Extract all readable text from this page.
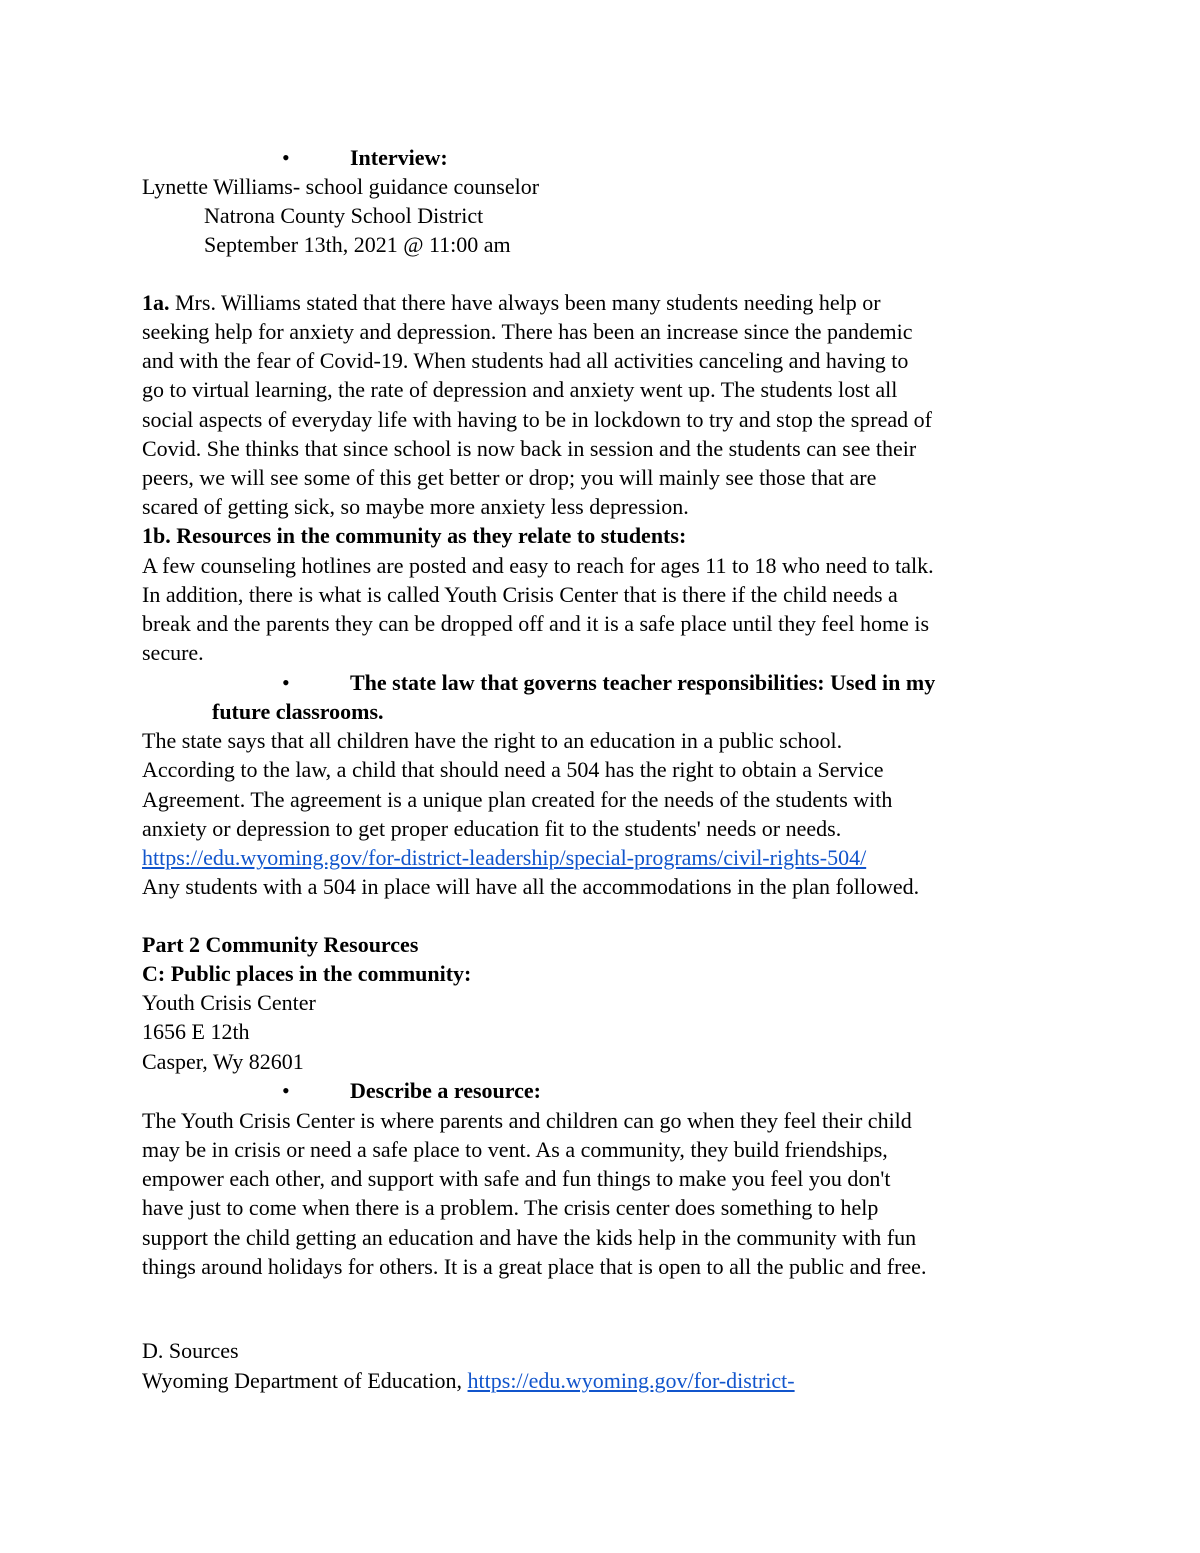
•	Interview:
Lynette Williams- school guidance counselor
Natrona County School District
September 13th, 2021 @ 11:00 am
1a. Mrs. Williams stated that there have always been many students needing help or
seeking help for anxiety and depression. There has been an increase since the pandemic
and with the fear of Covid-19. When students had all activities canceling and having to
go to virtual learning, the rate of depression and anxiety went up. The students lost all
social aspects of everyday life with having to be in lockdown to try and stop the spread of
Covid. She thinks that since school is now back in session and the students can see their
peers, we will see some of this get better or drop; you will mainly see those that are
scared of getting sick, so maybe more anxiety less depression.
1b. Resources in the community as they relate to students:
A few counseling hotlines are posted and easy to reach for ages 11 to 18 who need to talk.
In addition, there is what is called Youth Crisis Center that is there if the child needs a
break and the parents they can be dropped off and it is a safe place until they feel home is
secure.
•	The state law that governs teacher responsibilities: Used in my
future classrooms.
The state says that all children have the right to an education in a public school.
According to the law, a child that should need a 504 has the right to obtain a Service
Agreement. The agreement is a unique plan created for the needs of the students with
anxiety or depression to get proper education fit to the students' needs or needs.
https://edu.wyoming.gov/for-district-leadership/special-programs/civil-rights-504/
Any students with a 504 in place will have all the accommodations in the plan followed.
Part 2 Community Resources
C: Public places in the community:
Youth Crisis Center
1656 E 12th
Casper, Wy 82601
•	Describe a resource:
The Youth Crisis Center is where parents and children can go when they feel their child
may be in crisis or need a safe place to vent. As a community, they build friendships,
empower each other, and support with safe and fun things to make you feel you don't
have just to come when there is a problem. The crisis center does something to help
support the child getting an education and have the kids help in the community with fun
things around holidays for others. It is a great place that is open to all the public and free.
D. Sources
Wyoming Department of Education, https://edu.wyoming.gov/for-district-
